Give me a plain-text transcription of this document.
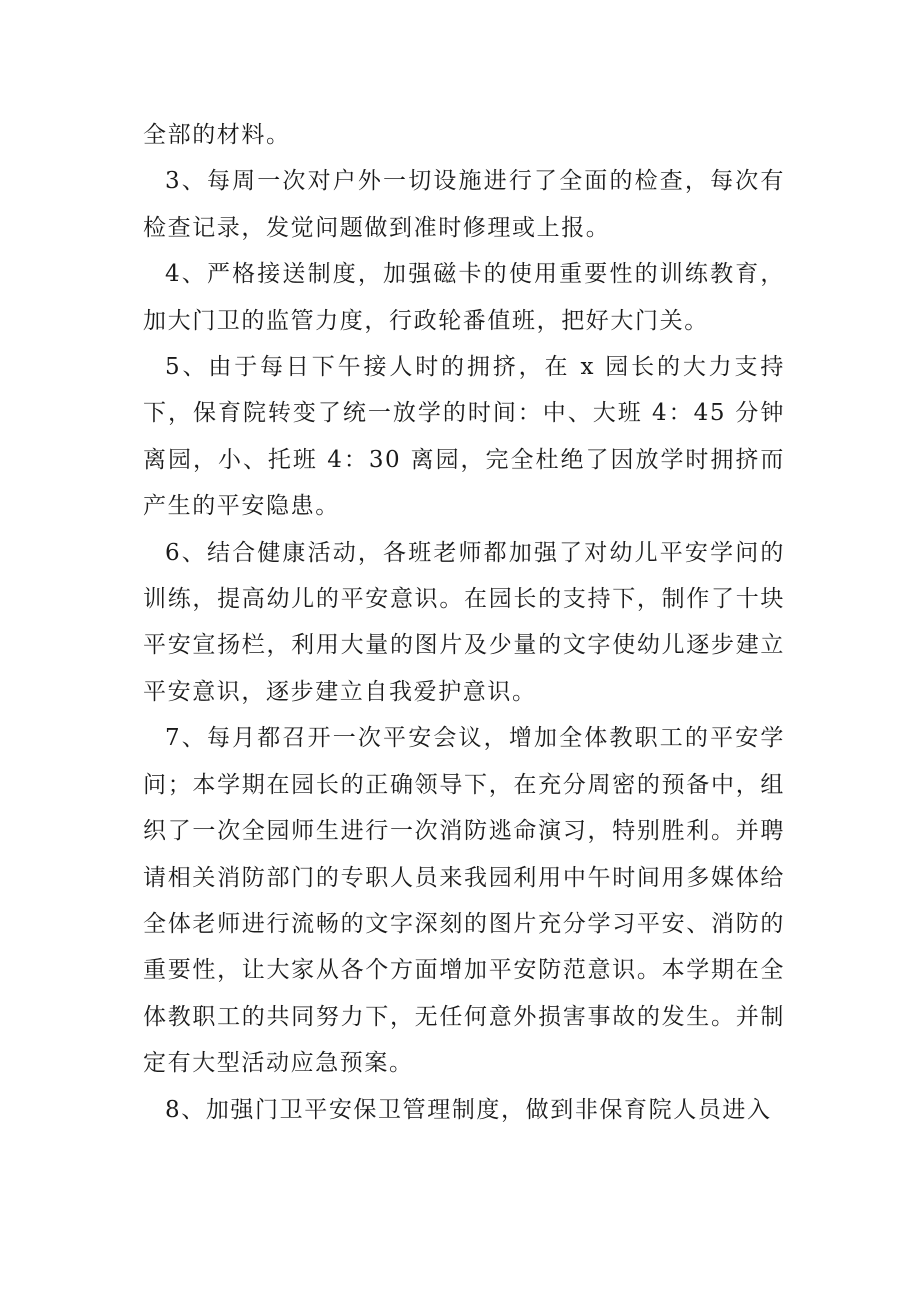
全部的材料。

3、每周一次对户外一切设施进行了全面的检查，每次有检查记录，发觉问题做到准时修理或上报。

4、严格接送制度，加强磁卡的使用重要性的训练教育，加大门卫的监管力度，行政轮番值班，把好大门关。

5、由于每日下午接人时的拥挤，在 x 园长的大力支持下，保育院转变了统一放学的时间：中、大班 4：45 分钟离园，小、托班 4：30 离园，完全杜绝了因放学时拥挤而产生的平安隐患。

6、结合健康活动，各班老师都加强了对幼儿平安学问的训练，提高幼儿的平安意识。在园长的支持下，制作了十块平安宣扬栏，利用大量的图片及少量的文字使幼儿逐步建立平安意识，逐步建立自我爱护意识。

7、每月都召开一次平安会议，增加全体教职工的平安学问；本学期在园长的正确领导下，在充分周密的预备中，组织了一次全园师生进行一次消防逃命演习，特别胜利。并聘请相关消防部门的专职人员来我园利用中午时间用多媒体给全体老师进行流畅的文字深刻的图片充分学习平安、消防的重要性，让大家从各个方面增加平安防范意识。本学期在全体教职工的共同努力下，无任何意外损害事故的发生。并制定有大型活动应急预案。

8、加强门卫平安保卫管理制度，做到非保育院人员进入
